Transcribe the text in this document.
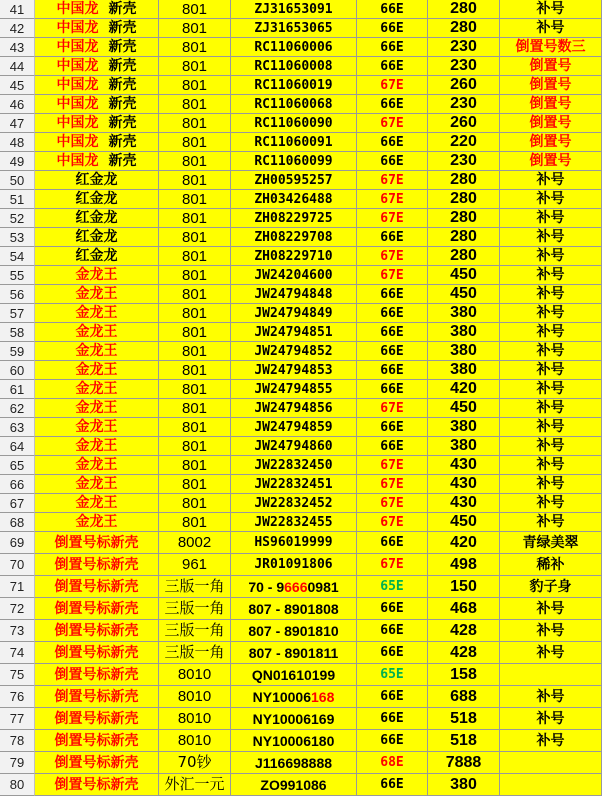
41	中国龙 新壳	801	ZJ31653091	66E	280	补号
42	中国龙 新壳	801	ZJ31653065	66E	280	补号
43	中国龙 新壳	801	RC11060006	66E	230	倒置号数三
44	中国龙 新壳	801	RC11060008	66E	230	倒置号
45	中国龙 新壳	801	RC11060019	67E	260	倒置号
46	中国龙 新壳	801	RC11060068	66E	230	倒置号
47	中国龙 新壳	801	RC11060090	67E	260	倒置号
48	中国龙 新壳	801	RC11060091	66E	220	倒置号
49	中国龙 新壳	801	RC11060099	66E	230	倒置号
50	红金龙	801	ZH00595257	67E	280	补号
51	红金龙	801	ZH03426488	67E	280	补号
52	红金龙	801	ZH08229725	67E	280	补号
53	红金龙	801	ZH08229708	66E	280	补号
54	红金龙	801	ZH08229710	67E	280	补号
55	金龙王	801	JW24204600	67E	450	补号
56	金龙王	801	JW24794848	66E	450	补号
57	金龙王	801	JW24794849	66E	380	补号
58	金龙王	801	JW24794851	66E	380	补号
59	金龙王	801	JW24794852	66E	380	补号
60	金龙王	801	JW24794853	66E	380	补号
61	金龙王	801	JW24794855	66E	420	补号
62	金龙王	801	JW24794856	67E	450	补号
63	金龙王	801	JW24794859	66E	380	补号
64	金龙王	801	JW24794860	66E	380	补号
65	金龙王	801	JW22832450	67E	430	补号
66	金龙王	801	JW22832451	67E	430	补号
67	金龙王	801	JW22832452	67E	430	补号
68	金龙王	801	JW22832455	67E	450	补号
69	倒置号标新壳	8002	HS96019999	66E	420	青绿美翠
70	倒置号标新壳	961	JR01091806	67E	498	稀补
71	倒置号标新壳	三版一角	70 - 9 666 0981	65E	150	豹子身
72	倒置号标新壳	三版一角	807 - 8901808	66E	468	补号
73	倒置号标新壳	三版一角	807 - 8901810	66E	428	补号
74	倒置号标新壳	三版一角	807 - 8901811	66E	428	补号
75	倒置号标新壳	8010	QN01610199	65E	158
76	倒置号标新壳	8010	NY10006 168	66E	688	补号
77	倒置号标新壳	8010	NY10006169	66E	518	补号
78	倒置号标新壳	8010	NY10006180	66E	518	补号
79	倒置号标新壳	70钞	J116698888	68E	7888
80	倒置号标新壳	外汇一元	ZO991086	66E	380
